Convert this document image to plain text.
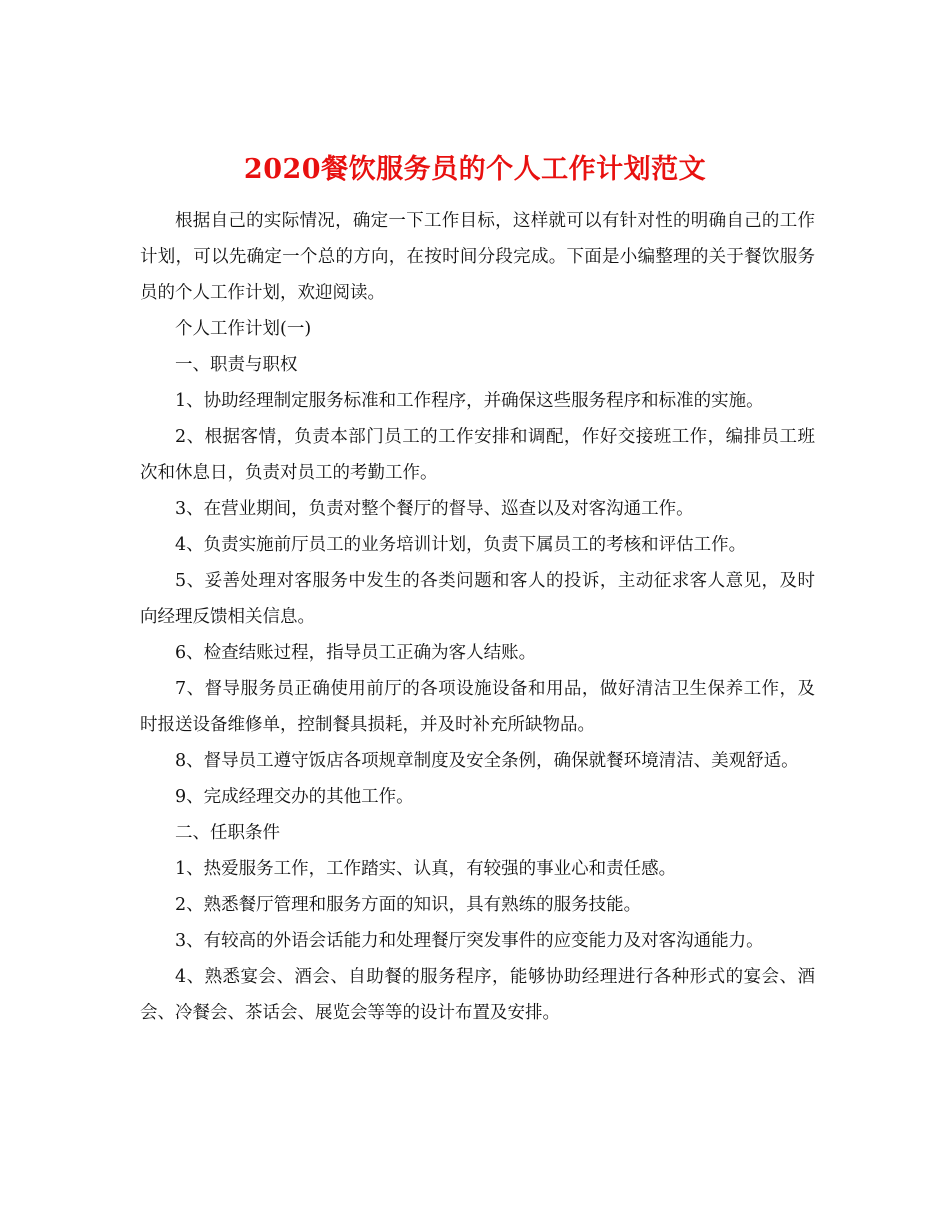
2020餐饮服务员的个人工作计划范文

根据自己的实际情况，确定一下工作目标，这样就可以有针对性的明确自己的工作计划，可以先确定一个总的方向，在按时间分段完成。下面是小编整理的关于餐饮服务员的个人工作计划，欢迎阅读。

个人工作计划(一)

一、职责与职权

1、协助经理制定服务标准和工作程序，并确保这些服务程序和标准的实施。

2、根据客情，负责本部门员工的工作安排和调配，作好交接班工作，编排员工班次和休息日，负责对员工的考勤工作。

3、在营业期间，负责对整个餐厅的督导、巡查以及对客沟通工作。

4、负责实施前厅员工的业务培训计划，负责下属员工的考核和评估工作。

5、妥善处理对客服务中发生的各类问题和客人的投诉，主动征求客人意见，及时向经理反馈相关信息。

6、检查结账过程，指导员工正确为客人结账。

7、督导服务员正确使用前厅的各项设施设备和用品，做好清洁卫生保养工作，及时报送设备维修单，控制餐具损耗，并及时补充所缺物品。

8、督导员工遵守饭店各项规章制度及安全条例，确保就餐环境清洁、美观舒适。

9、完成经理交办的其他工作。

二、任职条件

1、热爱服务工作，工作踏实、认真，有较强的事业心和责任感。

2、熟悉餐厅管理和服务方面的知识，具有熟练的服务技能。

3、有较高的外语会话能力和处理餐厅突发事件的应变能力及对客沟通能力。

4、熟悉宴会、酒会、自助餐的服务程序，能够协助经理进行各种形式的宴会、酒会、冷餐会、茶话会、展览会等等的设计布置及安排。
